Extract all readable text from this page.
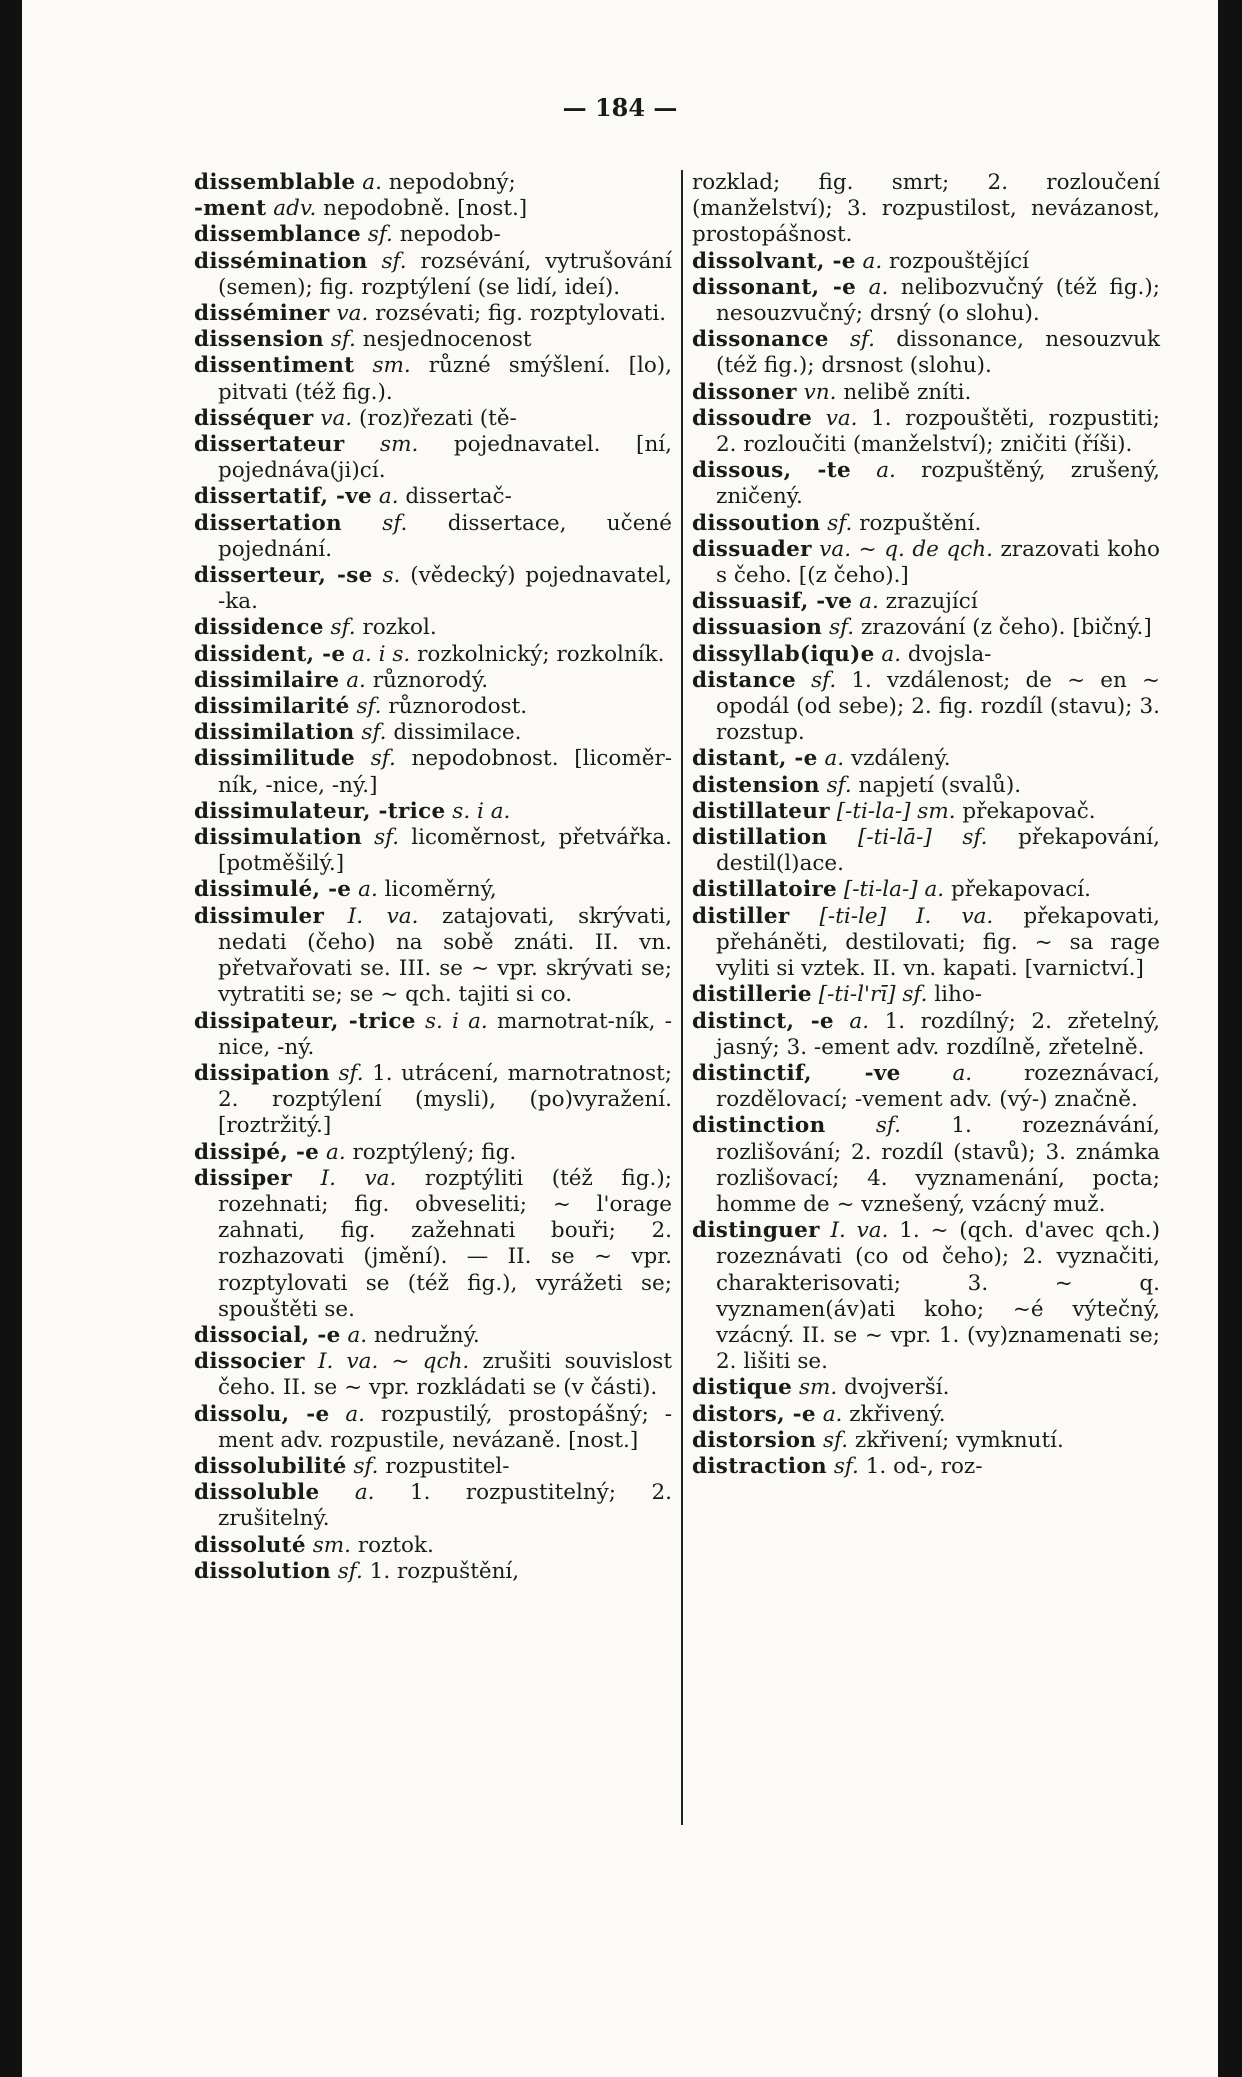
— 184 —

dissemblable a. nepodobný;

-ment adv. nepodobně. [nost.]

dissemblance sf. nepodob-

dissémination sf. rozsévání, vytrušování (semen); fig. rozptýlení (se lidí, ideí).

disséminer va. rozsévati; fig. rozptylovati.

dissension sf. nesjednocenost

dissentiment sm. různé smýšlení. [lo), pitvati (též fig.).

disséquer va. (roz)řezati (tě-

dissertateur sm. pojednavatel. [ní, pojednáva(ji)cí.

dissertatif, -ve a. dissertač-

dissertation sf. dissertace, učené pojednání.

disserteur, -se s. (vědecký) pojednavatel, -ka.

dissidence sf. rozkol.

dissident, -e a. i s. rozkolnický; rozkolník.

dissimilaire a. různorodý.

dissimilarité sf. různorodost.

dissimilation sf. dissimilace.

dissimilitude sf. nepodobnost. [licoměr-ník, -nice, -ný.]

dissimulateur, -trice s. i a.

dissimulation sf. licoměrnost, přetvářka. [potměšilý.]

dissimulé, -e a. licoměrný,

dissimuler I. va. zatajovati, skrývati, nedati (čeho) na sobě znáti. II. vn. přetvařovati se. III. se ~ vpr. skrývati se; vytratiti se; se ~ qch. tajiti si co.

dissipateur, -trice s. i a. marnotrat-ník, -nice, -ný.

dissipation sf. 1. utrácení, marnotratnost; 2. rozptýlení (mysli), (po)vyražení. [roztržitý.]

dissipé, -e a. rozptýlený; fig.

dissiper I. va. rozptýliti (též fig.); rozehnati; fig. obveseliti; ~ l'orage zahnati, fig. zažehnati bouři; 2. rozhazovati (jmění). — II. se ~ vpr. rozptylovati se (též fig.), vyrážeti se; spouštěti se.

dissocial, -e a. nedružný.

dissocier I. va. ~ qch. zrušiti souvislost čeho. II. se ~ vpr. rozkládati se (v části).

dissolu, -e a. rozpustilý, prostopášný; -ment adv. rozpustile, nevázaně. [nost.]

dissolubilité sf. rozpustitel-

dissoluble a. 1. rozpustitelný; 2. zrušitelný.

dissoluté sm. roztok.

dissolution sf. 1. rozpuštění,

rozklad; fig. smrt; 2. rozloučení (manželství); 3. rozpustilost, nevázanost, prostopášnost.

dissolvant, -e a. rozpouštějící

dissonant, -e a. nelibozvučný (též fig.); nesouzvučný; drsný (o slohu).

dissonance sf. dissonance, nesouzvuk (též fig.); drsnost (slohu).

dissoner vn. nelibě zníti.

dissoudre va. 1. rozpouštěti, rozpustiti; 2. rozloučiti (manželství); zničiti (říši).

dissous, -te a. rozpuštěný, zrušený, zničený.

dissoution sf. rozpuštění.

dissuader va. ~ q. de qch. zrazovati koho s čeho. [(z čeho).]

dissuasif, -ve a. zrazující

dissuasion sf. zrazování (z čeho). [bičný.]

dissyllab(iqu)e a. dvojsla-

distance sf. 1. vzdálenost; de ~ en ~ opodál (od sebe); 2. fig. rozdíl (stavu); 3. rozstup.

distant, -e a. vzdálený.

distension sf. napjetí (svalů).

distillateur [-ti-la-] sm. překapovač.

distillation [-ti-lā-] sf. překapování, destil(l)ace.

distillatoire [-ti-la-] a. překapovací.

distiller [-ti-le] I. va. překapovati, přeháněti, destilovati; fig. ~ sa rage vyliti si vztek. II. vn. kapati. [varnictví.]

distillerie [-ti-l'rī] sf. liho-

distinct, -e a. 1. rozdílný; 2. zřetelný, jasný; 3. -ement adv. rozdílně, zřetelně.

distinctif, -ve a. rozeznávací, rozdělovací; -vement adv. (vý-) značně.

distinction sf. 1. rozeznávání, rozlišování; 2. rozdíl (stavů); 3. známka rozlišovací; 4. vyznamenání, pocta; homme de ~ vznešený, vzácný muž.

distinguer I. va. 1. ~ (qch. d'avec qch.) rozeznávati (co od čeho); 2. vyznačiti, charakterisovati; 3. ~ q. vyznamen(áv)ati koho; ~é výtečný, vzácný. II. se ~ vpr. 1. (vy)znamenati se; 2. lišiti se.

distique sm. dvojverší.

distors, -e a. zkřivený.

distorsion sf. zkřivení; vymknutí.

distraction sf. 1. od-, roz-
